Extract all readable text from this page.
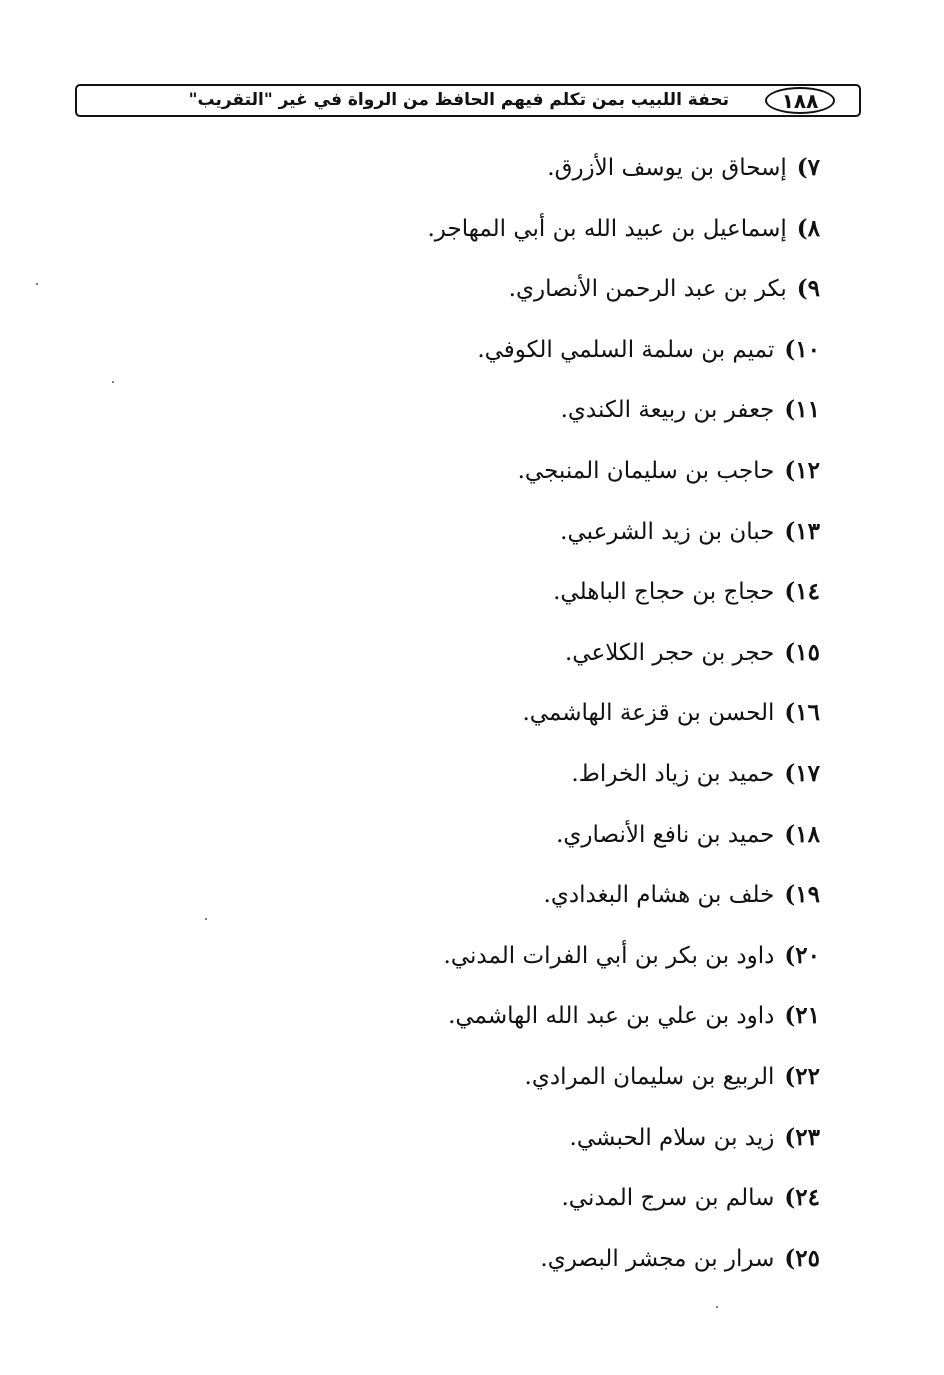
١٨٨
تحفة اللبيب بمن تكلم فيهم الحافظ من الرواة في غير "التقريب"
٧)إسحاق بن يوسف الأزرق.
٨)إسماعيل بن عبيد الله بن أبي المهاجر.
٩)بكر بن عبد الرحمن الأنصاري.
١٠)تميم بن سلمة السلمي الكوفي.
١١)جعفر بن ربيعة الكندي.
١٢)حاجب بن سليمان المنبجي.
١٣)حبان بن زيد الشرعبي.
١٤)حجاج بن حجاج الباهلي.
١٥)حجر بن حجر الكلاعي.
١٦)الحسن بن قزعة الهاشمي.
١٧)حميد بن زياد الخراط.
١٨)حميد بن نافع الأنصاري.
١٩)خلف بن هشام البغدادي.
٢٠)داود بن بكر بن أبي الفرات المدني.
٢١)داود بن علي بن عبد الله الهاشمي.
٢٢)الربيع بن سليمان المرادي.
٢٣)زيد بن سلام الحبشي.
٢٤)سالم بن سرج المدني.
٢٥)سرار بن مجشر البصري.
